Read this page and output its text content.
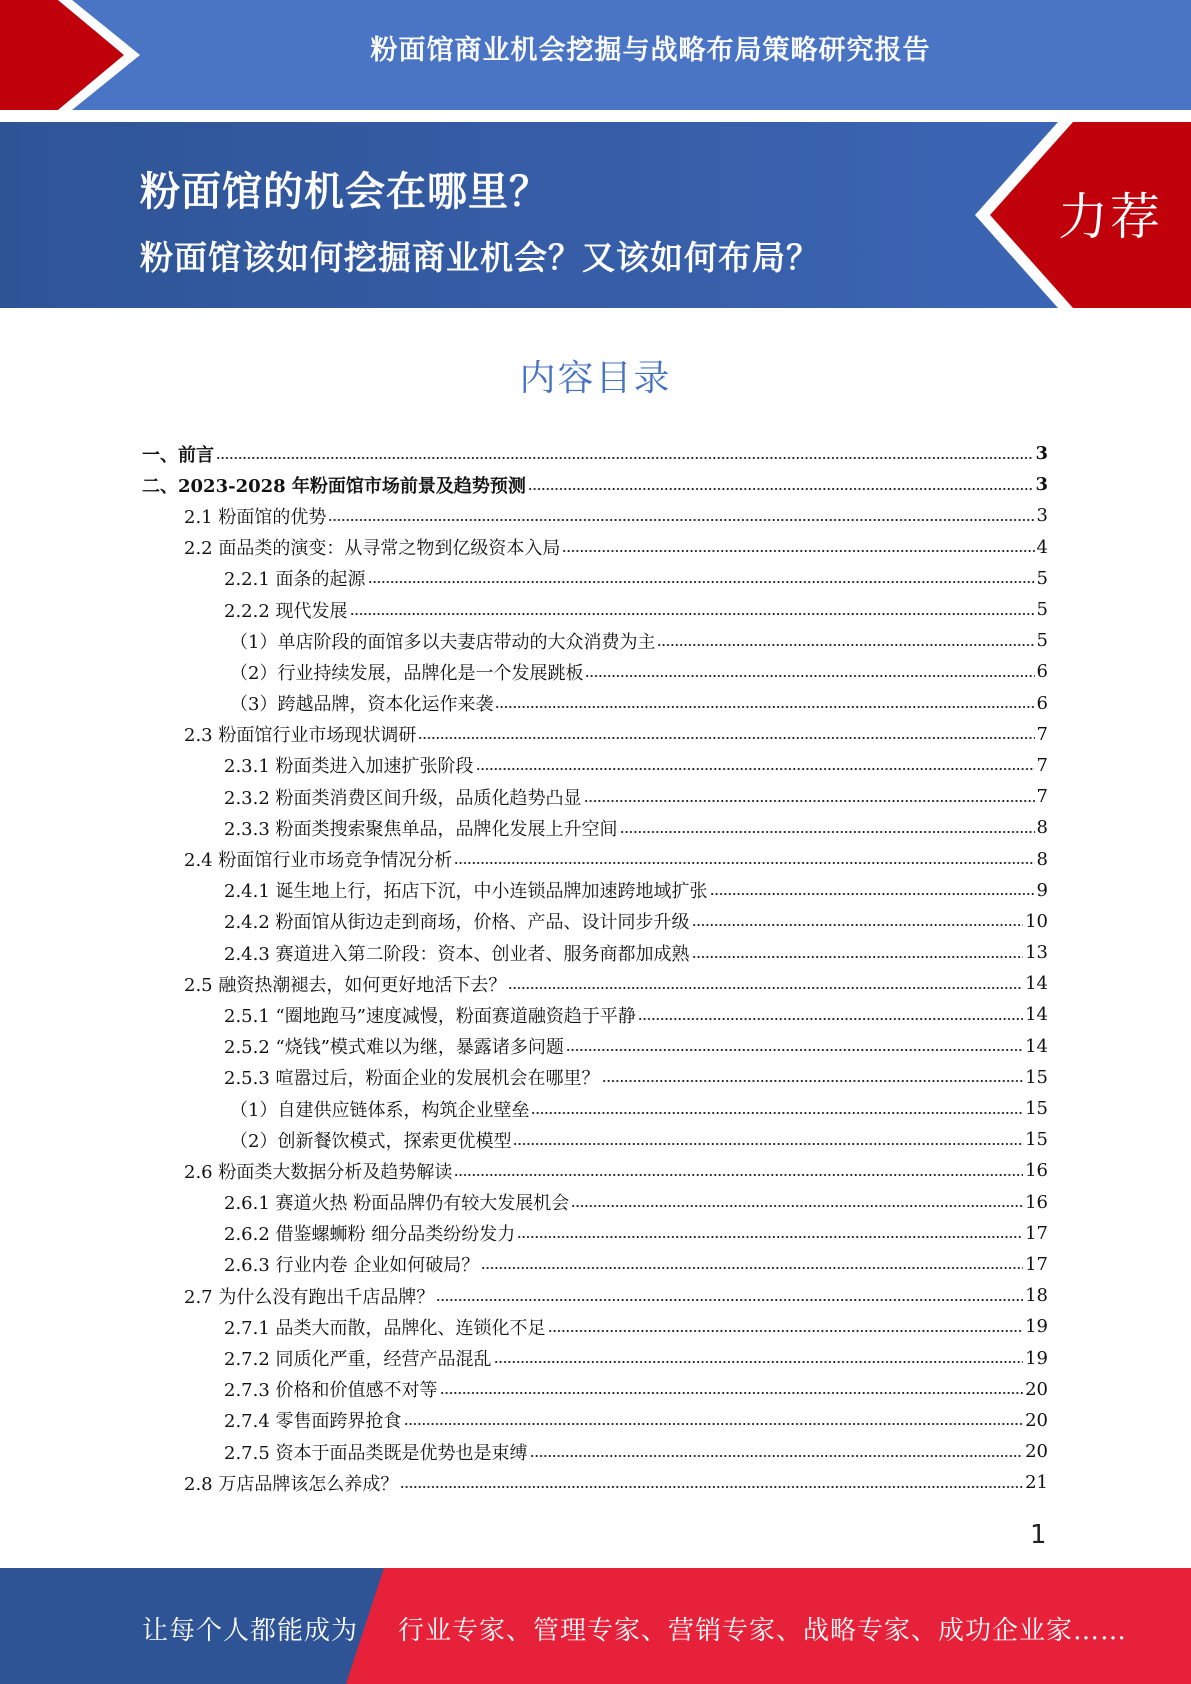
粉面馆商业机会挖掘与战略布局策略研究报告
粉面馆的机会在哪里？
粉面馆该如何挖掘商业机会？又该如何布局？
力荐
内容目录
一、前言	3
二、2023-2028 年粉面馆市场前景及趋势预测	3
2.1 粉面馆的优势	3
2.2 面品类的演变：从寻常之物到亿级资本入局	4
2.2.1 面条的起源	5
2.2.2 现代发展	5
（1）单店阶段的面馆多以夫妻店带动的大众消费为主	5
（2）行业持续发展，品牌化是一个发展跳板	6
（3）跨越品牌，资本化运作来袭	6
2.3 粉面馆行业市场现状调研	7
2.3.1 粉面类进入加速扩张阶段	7
2.3.2 粉面类消费区间升级，品质化趋势凸显	7
2.3.3 粉面类搜索聚焦单品，品牌化发展上升空间	8
2.4 粉面馆行业市场竞争情况分析	8
2.4.1 诞生地上行，拓店下沉，中小连锁品牌加速跨地域扩张	9
2.4.2 粉面馆从街边走到商场，价格、产品、设计同步升级	10
2.4.3 赛道进入第二阶段：资本、创业者、服务商都加成熟	13
2.5 融资热潮褪去，如何更好地活下去？	14
2.5.1 “圈地跑马”速度减慢，粉面赛道融资趋于平静	14
2.5.2 “烧钱”模式难以为继，暴露诸多问题	14
2.5.3 喧嚣过后，粉面企业的发展机会在哪里？	15
（1）自建供应链体系，构筑企业壁垒	15
（2）创新餐饮模式，探索更优模型	15
2.6 粉面类大数据分析及趋势解读	16
2.6.1 赛道火热 粉面品牌仍有较大发展机会	16
2.6.2 借鉴螺蛳粉 细分品类纷纷发力	17
2.6.3 行业内卷 企业如何破局？	17
2.7 为什么没有跑出千店品牌？	18
2.7.1 品类大而散，品牌化、连锁化不足	19
2.7.2 同质化严重，经营产品混乱	19
2.7.3 价格和价值感不对等	20
2.7.4 零售面跨界抢食	20
2.7.5 资本于面品类既是优势也是束缚	20
2.8 万店品牌该怎么养成？	21
1
让每个人都能成为 行业专家、管理专家、营销专家、战略专家、成功企业家……
